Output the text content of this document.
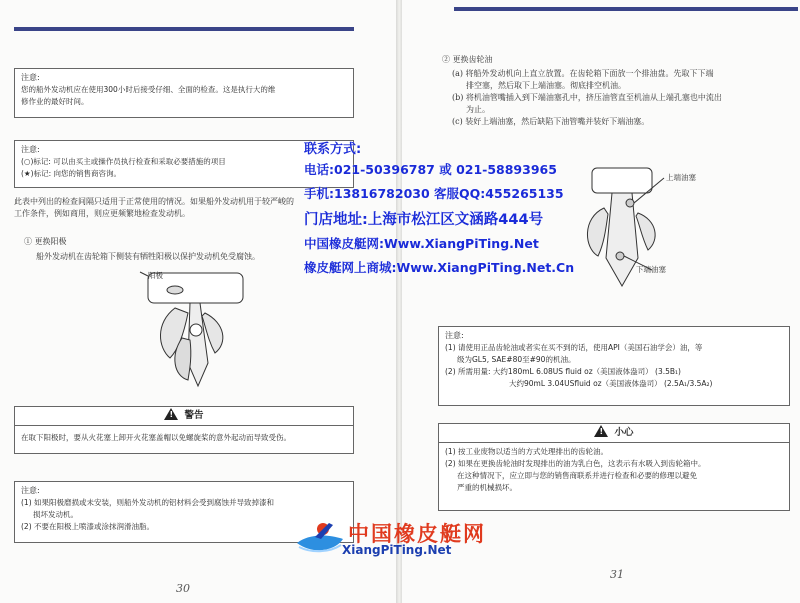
注意:
您的船外发动机应在使用300小时后接受仔细、全面的检查。这是执行大的维
修作业的最好时间。
注意:
(○)标记: 可以由买主或操作员执行检查和采取必要措施的项目
(★)标记: 向您的销售商咨询。
此表中列出的检查间隔只适用于正常使用的情况。如果船外发动机用于较严峻的
工作条件，例如商用，则应更频繁地检查发动机。
① 更换阳极
船外发动机在齿轮箱下侧装有牺牲阳极以保护发动机免受腐蚀。
阳极
!警告
在取下阳极时，要从火花塞上卸开火花塞盖帽以免螺旋桨的意外起动而导致受伤。
注意:
(1) 如果阳极磨损或未安装，则船外发动机的铝材料会受到腐蚀并导致掉漆和
损坏发动机。
(2) 不要在阳极上喷漆或涂抹润滑油脂。
30
② 更换齿轮油
(a) 将船外发动机向上直立放置。在齿轮箱下面放一个排油盘。先取下下端
排空塞，然后取下上端油塞。彻底排空机油。
(b) 将机油管嘴插入到下端油塞孔中，挤压油管直至机油从上端孔塞也中流出
为止。
(c) 装好上端油塞，然后缺陷下油管嘴并装好下端油塞。
上端油塞
下端油塞
注意:
(1) 请使用正品齿轮油或者实在买不到的话，使用API（美国石油学会）油，等
级为GL5, SAE#80至#90的机油。
(2) 所需用量: 大约180mL 6.08US fluid oz（美国液体盎司） (3.5B₁)
大约90mL 3.04USfluid oz（美国液体盎司） (2.5A₁/3.5A₂)
!小心
(1) 按工业废物以适当的方式处理排出的齿轮油。
(2) 如果在更换齿轮油时发现排出的油为乳白色，这表示有水吸入到齿轮箱中。
在这种情况下，应立即与您的销售商联系并进行检查和必要的修理以避免
严重的机械损坏。
31
联系方式:
电话:021-50396787 或 021-58893965
手机:13816782030 客服QQ:455265135
门店地址:上海市松江区文涵路444号
中国橡皮艇网:Www.XiangPiTing.Net
橡皮艇网上商城:Www.XiangPiTing.Net.Cn
中国橡皮艇网
XiangPiTing.Net
